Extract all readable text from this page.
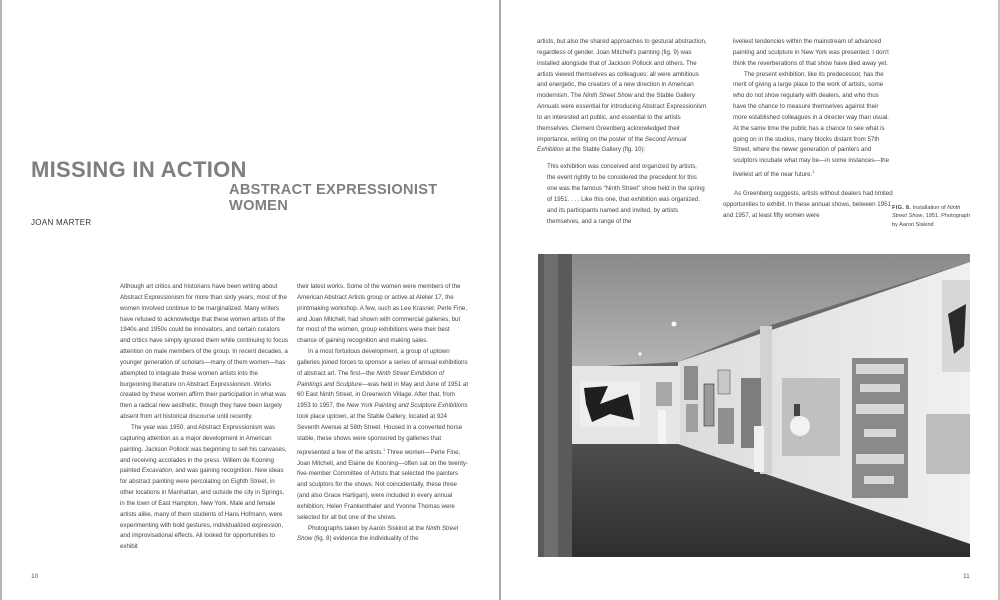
MISSING IN ACTION
ABSTRACT EXPRESSIONIST WOMEN
JOAN MARTER

Although art critics and historians have been writing about Abstract Expressionism for more than sixty years, most of the women involved continue to be marginalized. Many writers have refused to acknowledge that these women artists of the 1940s and 1950s could be innovators, and certain curators and critics have simply ignored them while continuing to focus attention on male members of the group. In recent decades, a younger generation of scholars—many of them women—has attempted to integrate these women artists into the burgeoning literature on Abstract Expressionism. Works created by these women affirm their participation in what was then a radical new aesthetic, though they have been largely absent from art historical discourse until recently.

The year was 1950, and Abstract Expressionism was capturing attention as a major development in American painting. Jackson Pollock was beginning to sell his canvases, and receiving accolades in the press. Willem de Kooning painted Excavation, and was gaining recognition. New ideas for abstract painting were percolating on Eighth Street, in other locations in Manhattan, and outside the city in Springs, in the town of East Hampton, New York. Male and female artists alike, many of them students of Hans Hofmann, were experimenting with bold gestures, individualized expression, and improvisational effects. All looked for opportunities to exhibit

their latest works. Some of the women were members of the American Abstract Artists group or active at Atelier 17, the printmaking workshop. A few, such as Lee Krasner, Perle Fine, and Joan Mitchell, had shown with commercial galleries, but for most of the women, group exhibitions were their best chance of gaining recognition and making sales.

In a most fortuitous development, a group of uptown galleries joined forces to sponsor a series of annual exhibitions of abstract art. The first—the Ninth Street Exhibition of Paintings and Sculpture—was held in May and June of 1951 at 60 East Ninth Street, in Greenwich Village. After that, from 1953 to 1957, the New York Painting and Sculpture Exhibitions took place uptown, at the Stable Gallery, located at 924 Seventh Avenue at 58th Street. Housed in a converted horse stable, these shows were sponsored by galleries that represented a few of the artists.$^1$ Three women—Perle Fine, Joan Mitchell, and Elaine de Kooning—often sat on the twenty-five-member Committee of Artists that selected the painters and sculptors for the shows. Not coincidentally, these three (and also Grace Hartigan), were included in every annual exhibition; Helen Frankenthaler and Yvonne Thomas were selected for all but one of the shows.

Photographs taken by Aaron Siskind at the Ninth Street Show (fig. 8) evidence the individuality of the

10

artists, but also the shared approaches to gestural abstraction, regardless of gender. Joan Mitchell's painting (fig. 9) was installed alongside that of Jackson Pollock and others. The artists viewed themselves as colleagues: all were ambitious and energetic, the creators of a new direction in American modernism. The Ninth Street Show and the Stable Gallery Annuals were essential for introducing Abstract Expressionism to an interested art public, and essential to the artists themselves. Clement Greenberg acknowledged their importance, writing on the poster of the Second Annual Exhibition at the Stable Gallery (fig. 10):

This exhibition was conceived and organized by artists, the event rightly to be considered the precedent for this one was the famous “Ninth Street” show held in the spring of 1951. . . . Like this one, that exhibition was organized, and its participants named and invited, by artists themselves, and a range of the

liveliest tendencies within the mainstream of advanced painting and sculpture in New York was presented. I don't think the reverberations of that show have died away yet.

The present exhibition, like its predecessor, has the merit of giving a large place to the work of artists, some who do not show regularly with dealers, and who thus have the chance to measure themselves against their more established colleagues in a directer way than usual. At the same time the public has a chance to see what is going on in the studios, many blocks distant from 57th Street, where the newer generation of painters and sculptors incubate what may be—in some instances—the liveliest art of the near future.$^2$

As Greenberg suggests, artists without dealers had limited opportunities to exhibit. In these annual shows, between 1951 and 1957, at least fifty women were

FIG. 8. Installation of Ninth Street Show, 1951. Photograph by Aaron Siskind
11
